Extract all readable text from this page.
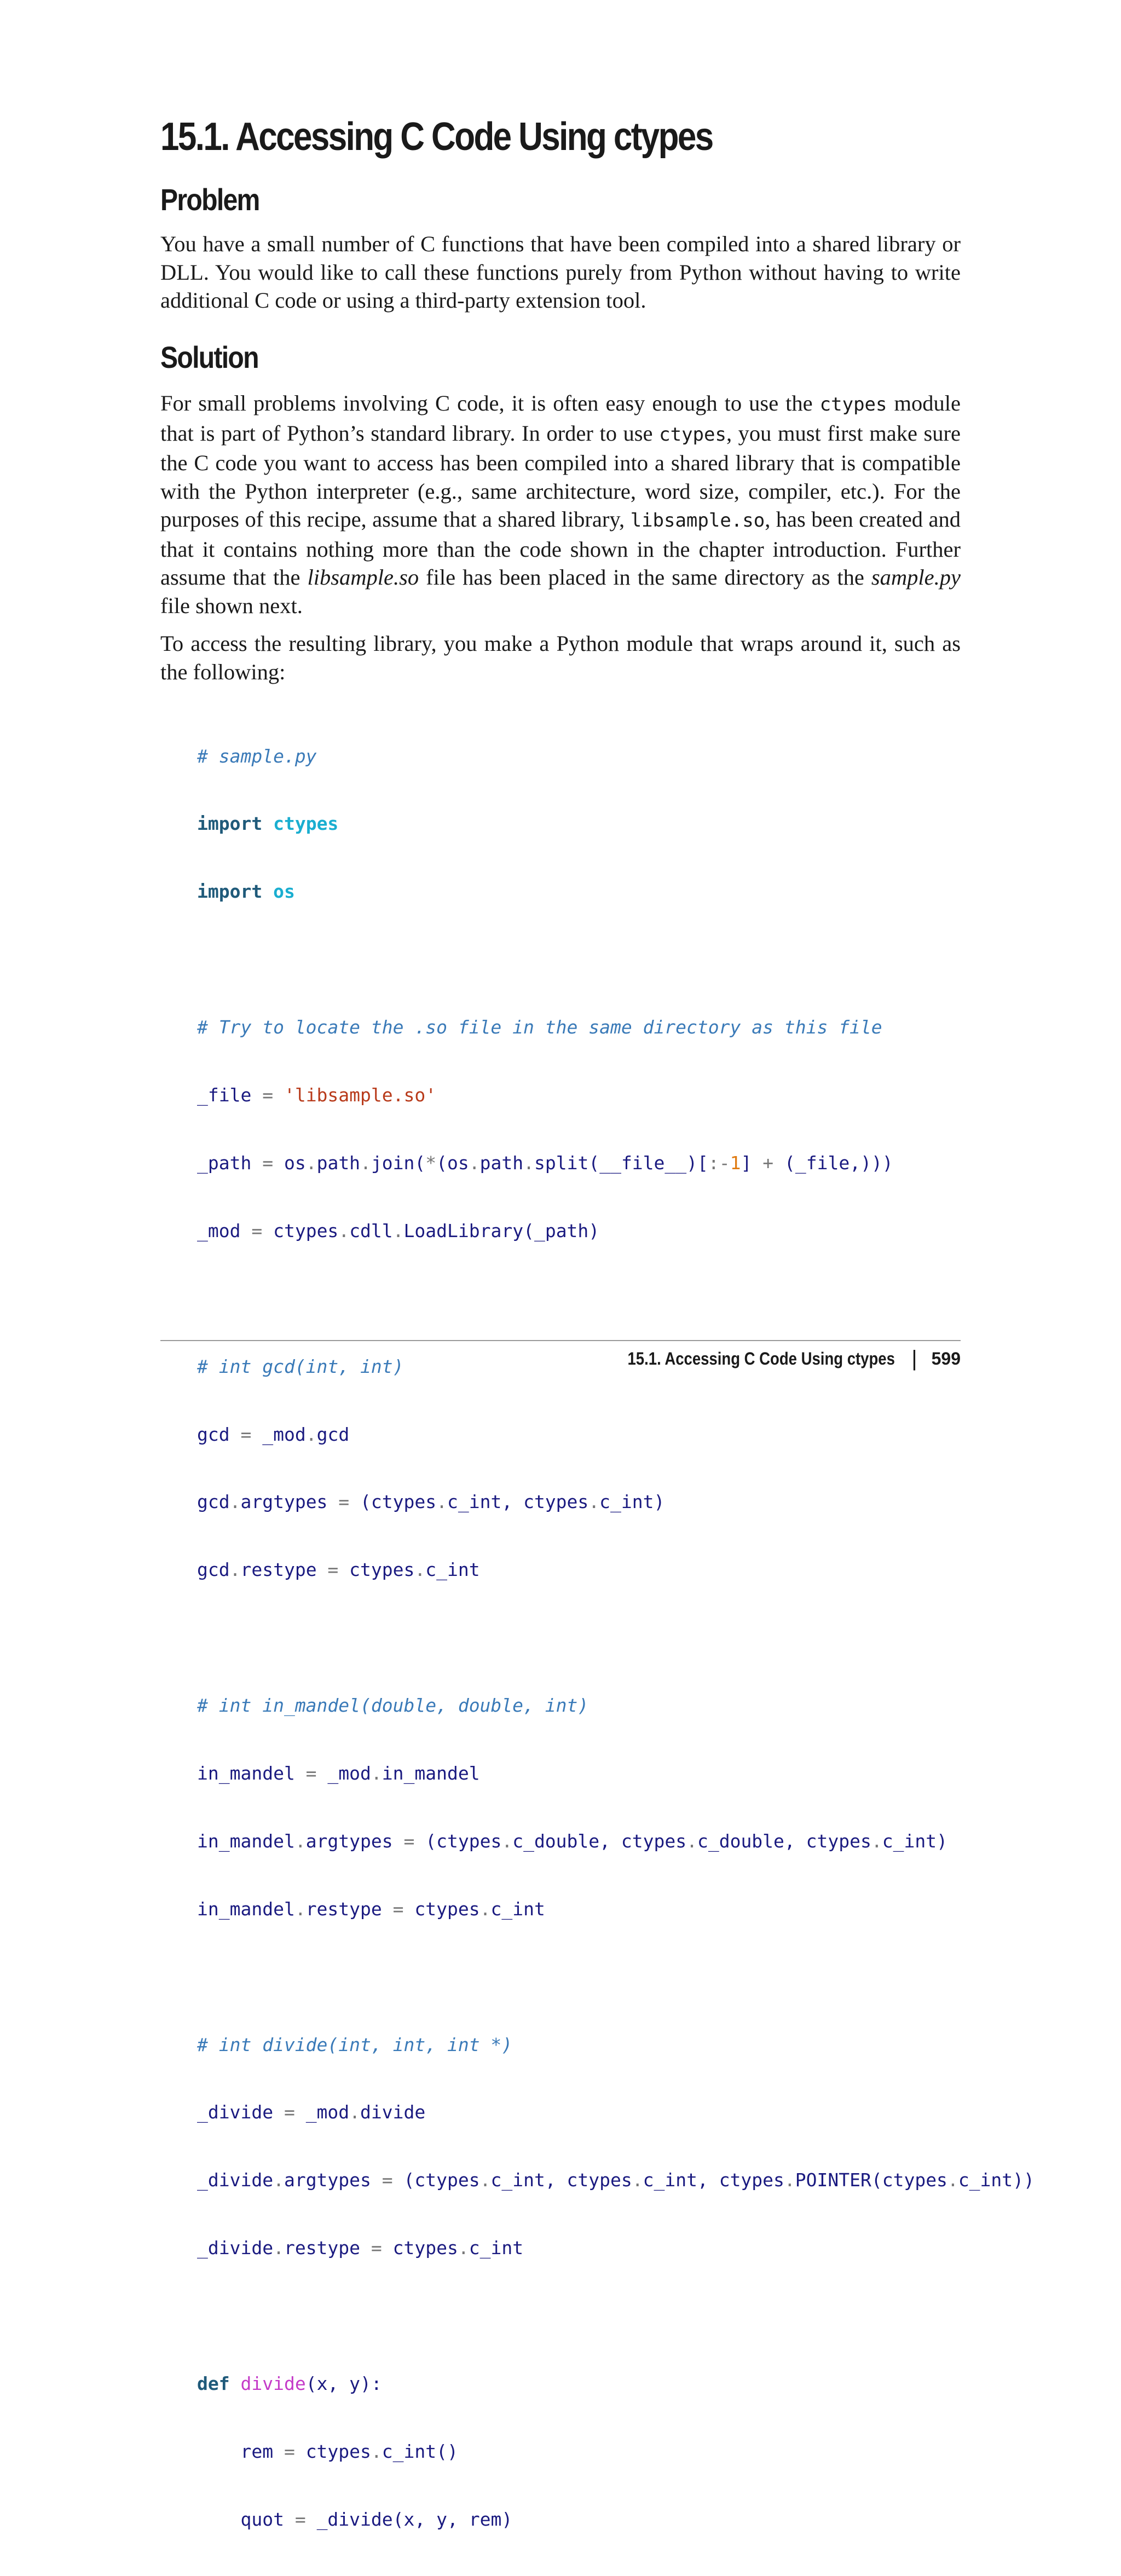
15.1. Accessing C Code Using ctypes
Problem

You have a small number of C functions that have been compiled into a shared library or DLL. You would like to call these functions purely from Python without having to write additional C code or using a third-party extension tool.

Solution

For small problems involving C code, it is often easy enough to use the ctypes module that is part of Python’s standard library. In order to use ctypes, you must first make sure the C code you want to access has been compiled into a shared library that is compatible with the Python interpreter (e.g., same architecture, word size, compiler, etc.). For the purposes of this recipe, assume that a shared library, libsample.so, has been created and that it contains nothing more than the code shown in the chapter introduction. Further assume that the libsample.so file has been placed in the same directory as the sample.py file shown next.

To access the resulting library, you make a Python module that wraps around it, such as the following:

# sample.py

import ctypes

import os

# Try to locate the .so file in the same directory as this file

_file = 'libsample.so'

_path = os.path.join(*(os.path.split(__file__)[:-1] + (_file,)))

_mod = ctypes.cdll.LoadLibrary(_path)

# int gcd(int, int)

gcd = _mod.gcd

gcd.argtypes = (ctypes.c_int, ctypes.c_int)

gcd.restype = ctypes.c_int

# int in_mandel(double, double, int)

in_mandel = _mod.in_mandel

in_mandel.argtypes = (ctypes.c_double, ctypes.c_double, ctypes.c_int)

in_mandel.restype = ctypes.c_int

# int divide(int, int, int *)

_divide = _mod.divide

_divide.argtypes = (ctypes.c_int, ctypes.c_int, ctypes.POINTER(ctypes.c_int))

_divide.restype = ctypes.c_int

def divide(x, y):

rem = ctypes.c_int()

quot = _divide(x, y, rem)

15.1. Accessing C Code Using ctypes | 599
